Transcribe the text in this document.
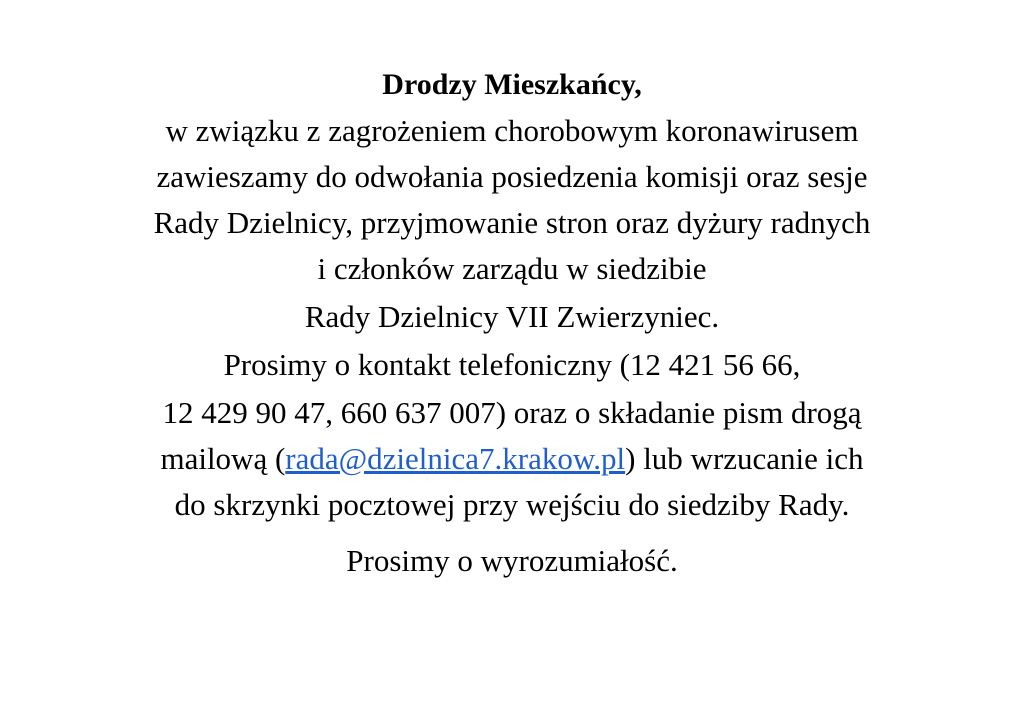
Drodzy Mieszkańcy,
w związku z zagrożeniem chorobowym koronawirusem
zawieszamy do odwołania posiedzenia komisji oraz sesje
Rady Dzielnicy, przyjmowanie stron oraz dyżury radnych
i członków zarządu w siedzibie
Rady Dzielnicy VII Zwierzyniec.
Prosimy o kontakt telefoniczny (12 421 56 66,
12 429 90 47, 660 637 007) oraz o składanie pism drogą
mailową (rada@dzielnica7.krakow.pl) lub wrzucanie ich
do skrzynki pocztowej przy wejściu do siedziby Rady.
Prosimy o wyrozumiałość.
